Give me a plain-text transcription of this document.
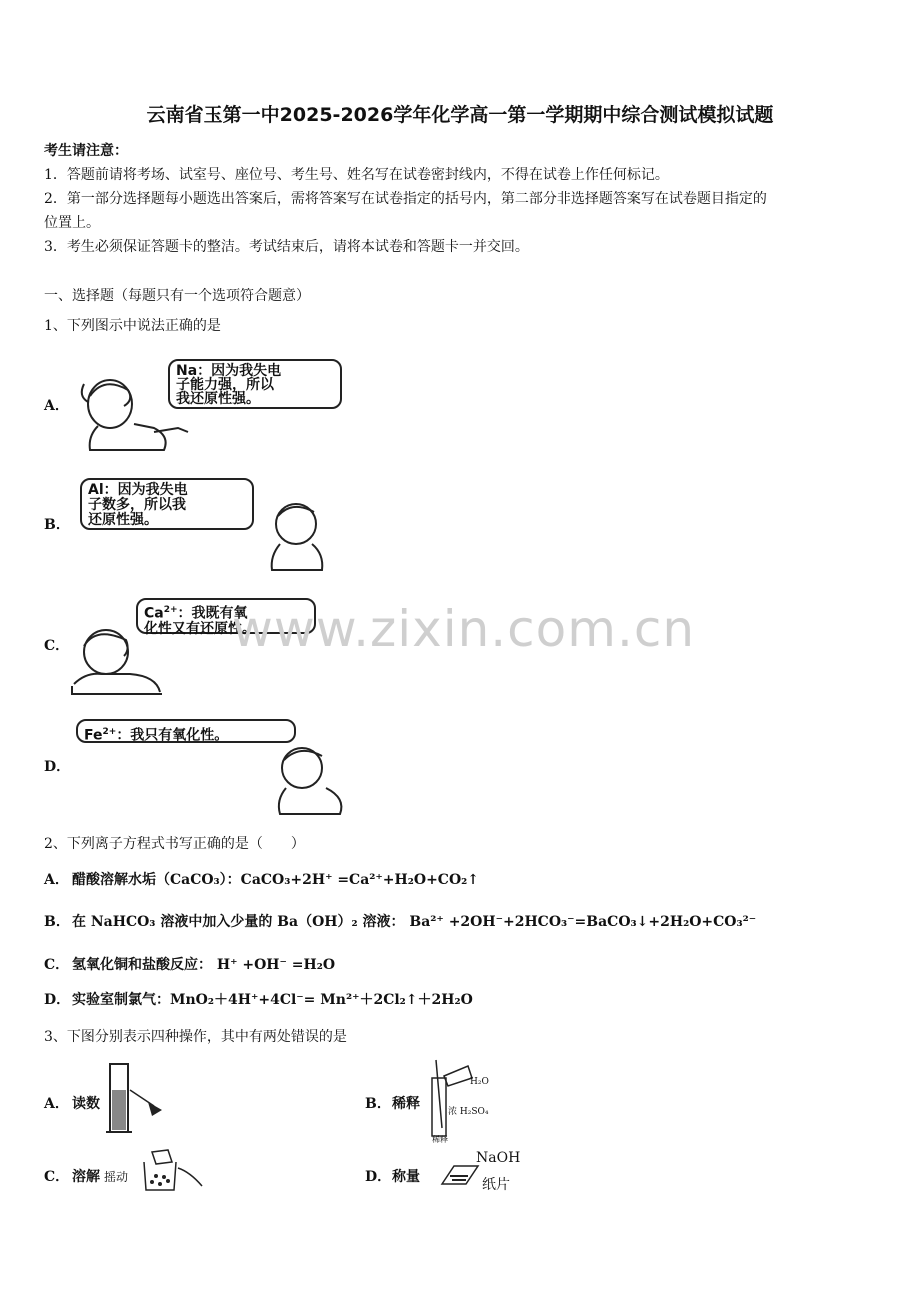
云南省玉第一中2025-2026学年化学高一第一学期期中综合测试模拟试题
考生请注意：
1．答题前请将考场、试室号、座位号、考生号、姓名写在试卷密封线内，不得在试卷上作任何标记。
2．第一部分选择题每小题选出答案后，需将答案写在试卷指定的括号内，第二部分非选择题答案写在试卷题目指定的
位置上。
3．考生必须保证答题卡的整洁。考试结束后，请将本试卷和答题卡一并交回。
一、选择题（每题只有一个选项符合题意）
1、下列图示中说法正确的是
A．
Na：因为我失电
子能力强，所以
我还原性强。
B．
Al：因为我失电
子数多，所以我
还原性强。
C．
$Ca^{2+}$：我既有氧
化性又有还原性。
D．
$Fe^{2+}$：我只有氧化性。
www.zixin.com.cn
2、下列离子方程式书写正确的是（　　）
A． 醋酸溶解水垢（CaCO₃）：CaCO₃+2H⁺ =Ca²⁺+H₂O+CO₂↑
B． 在 NaHCO₃ 溶液中加入少量的 Ba（OH）₂ 溶液： Ba²⁺ +2OH⁻+2HCO₃⁻=BaCO₃↓+2H₂O+CO₃²⁻
C． 氢氧化铜和盐酸反应： H⁺ +OH⁻ =H₂O
D． 实验室制氯气：MnO₂＋4H⁺+4Cl⁻= Mn²⁺＋2Cl₂↑＋2H₂O
3、下图分别表示四种操作，其中有两处错误的是
A． 读数	B． 稀释
H₂O
浓 H₂SO₄
稀释
C． 溶解 摇动	D． 称量
NaOH
纸片
